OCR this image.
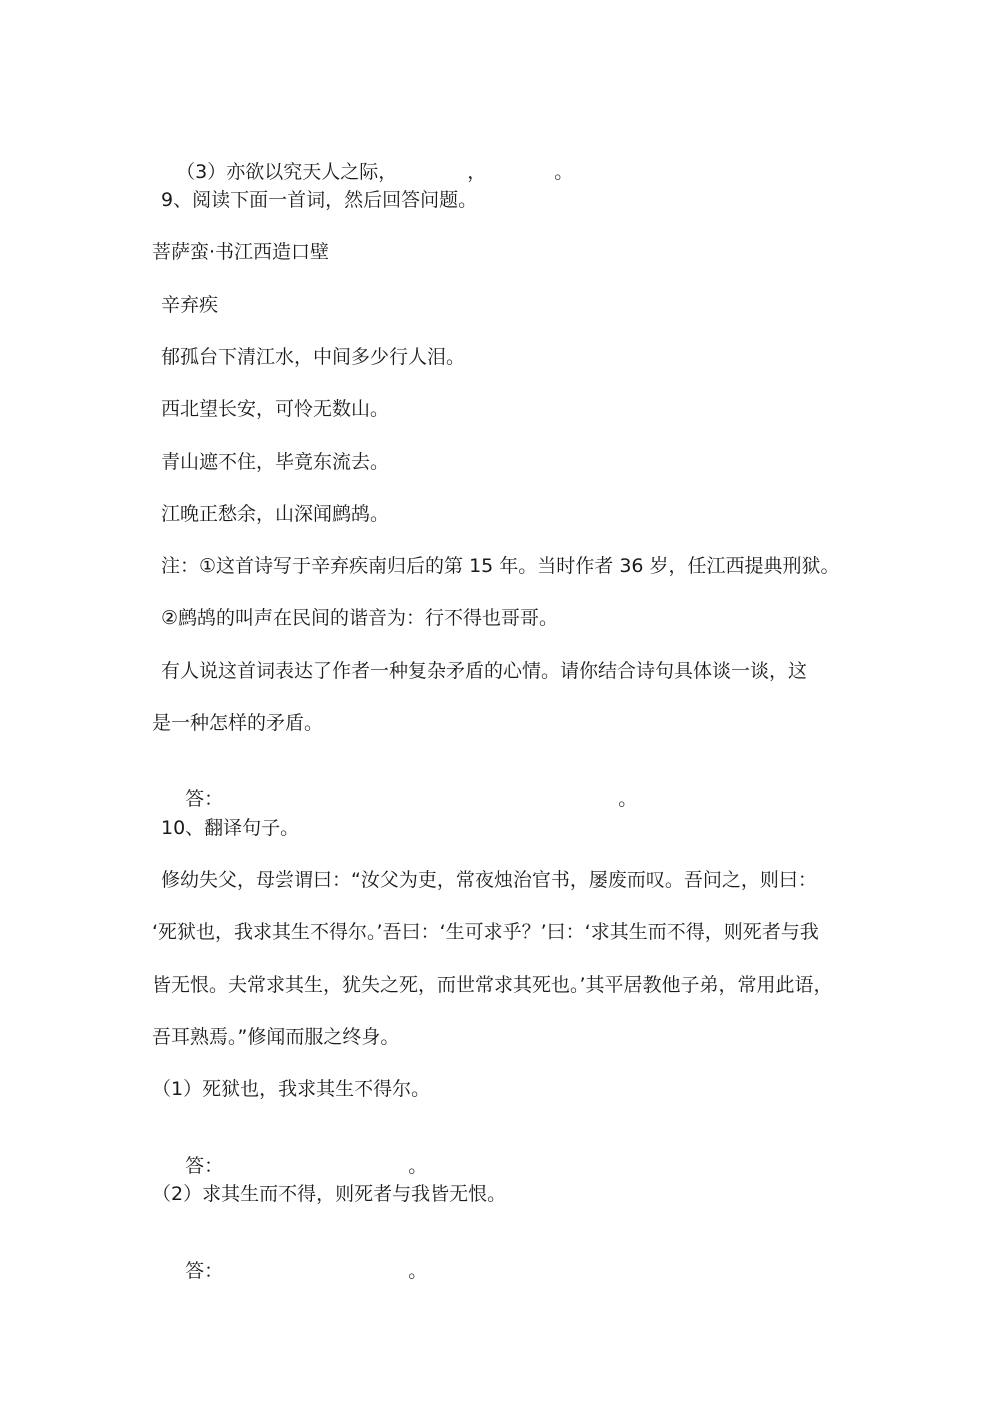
（3）亦欲以究天人之际，	，	。

9、阅读下面一首词，然后回答问题。
菩萨蛮·书江西造口壁
辛弃疾
郁孤台下清江水，中间多少行人泪。
西北望长安，可怜无数山。
青山遮不住，毕竟东流去。
江晚正愁余，山深闻鹧鸪。
注：①这首诗写于辛弃疾南归后的第 15 年。当时作者 36 岁，任江西提典刑狱。
②鹧鸪的叫声在民间的谐音为：行不得也哥哥。
有人说这首词表达了作者一种复杂矛盾的心情。请你结合诗句具体谈一谈，这
是一种怎样的矛盾。

答：	。

10、翻译句子。
修幼失父，母尝谓曰：“汝父为吏，常夜烛治官书，屡废而叹。吾问之，则曰：
‘死狱也，我求其生不得尔。’吾曰：‘生可求乎？’曰：‘求其生而不得，则死者与我
皆无恨。夫常求其生，犹失之死，而世常求其死也。’其平居教他子弟，常用此语，
吾耳熟焉。”修闻而服之终身。
（1）死狱也，我求其生不得尔。

答：	。

（2）求其生而不得，则死者与我皆无恨。

答：	。
